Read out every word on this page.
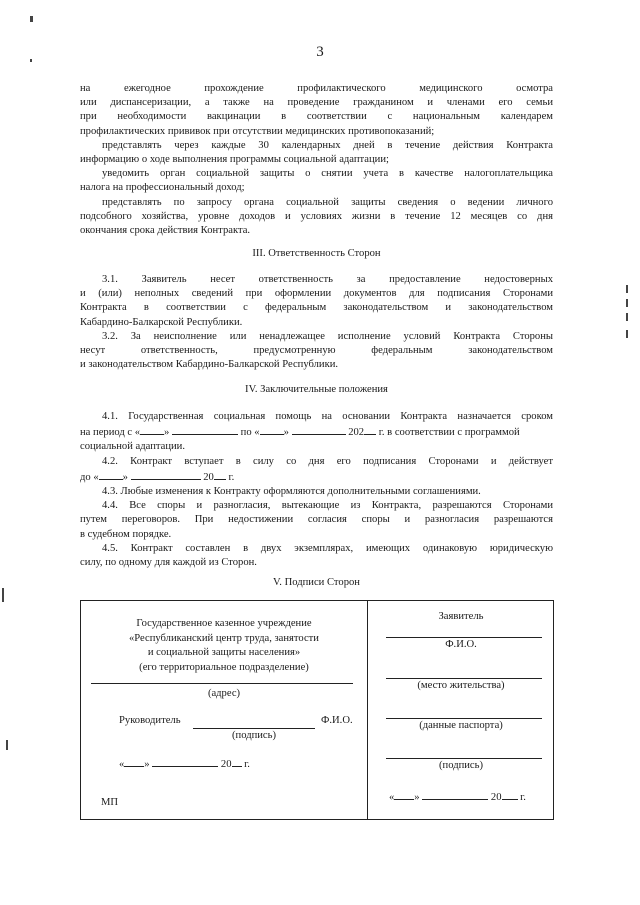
3

на ежегодное прохождение профилактического медицинского осмотра

или диспансеризации, а также на проведение гражданином и членами его семьи

при необходимости вакцинации в соответствии с национальным календарем

профилактических прививок при отсутствии медицинских противопоказаний;

представлять через каждые 30 календарных дней в течение действия Контракта

информацию о ходе выполнения программы социальной адаптации;

уведомить орган социальной защиты о снятии учета в качестве налогоплательщика

налога на профессиональный доход;

представлять по запросу органа социальной защиты сведения о ведении личного

подсобного хозяйства, уровне доходов и условиях жизни в течение 12 месяцев со дня

окончания срока действия Контракта.

III. Ответственность Сторон

3.1. Заявитель несет ответственность за предоставление недостоверных

и (или) неполных сведений при оформлении документов для подписания Сторонами

Контракта в соответствии с федеральным законодательством и законодательством

Кабардино-Балкарской Республики.

3.2. За неисполнение или ненадлежащее исполнение условий Контракта Стороны

несут ответственность, предусмотренную федеральным законодательством

и законодательством Кабардино-Балкарской Республики.

IV. Заключительные положения

4.1. Государственная социальная помощь на основании Контракта назначается сроком

на период с « »	по « »	202 г. в соответствии с программой

социальной адаптации.

4.2. Контракт вступает в силу со дня его подписания Сторонами и действует

до « »	20 г.

4.3. Любые изменения к Контракту оформляются дополнительными соглашениями.

4.4. Все споры и разногласия, вытекающие из Контракта, разрешаются Сторонами

путем переговоров. При недостижении согласия споры и разногласия разрешаются

в судебном порядке.

4.5. Контракт составлен в двух экземплярах, имеющих одинаковую юридическую

силу, по одному для каждой из Сторон.

V. Подписи Сторон
Государственное казенное учреждение
«Республиканский центр труда, занятости
и социальной защиты населения»
(его территориальное подразделение)
(адрес)
Руководитель	Ф.И.О.
(подпись)
« »	20 г.
МП
Заявитель
Ф.И.О.
(место жительства)
(данные паспорта)
(подпись)
« »	20 г.
